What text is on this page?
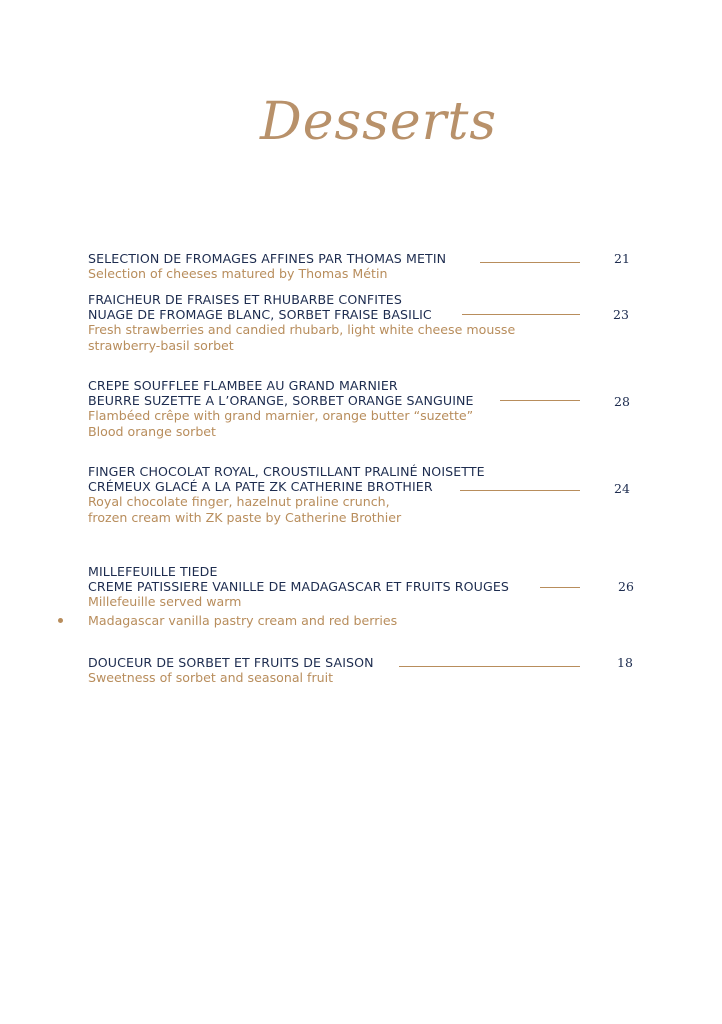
Desserts
SELECTION DE FROMAGES AFFINES PAR THOMAS METIN
Selection of cheeses matured by Thomas Métin
21
FRAICHEUR DE FRAISES ET RHUBARBE CONFITES
NUAGE DE FROMAGE BLANC, SORBET FRAISE BASILIC
Fresh strawberries and candied rhubarb, light white cheese mousse
strawberry-basil sorbet
23
CREPE SOUFFLEE FLAMBEE AU GRAND MARNIER
BEURRE SUZETTE A L’ORANGE, SORBET ORANGE SANGUINE
Flambéed crêpe with grand marnier, orange butter “suzette”
Blood orange sorbet
28
FINGER CHOCOLAT ROYAL, CROUSTILLANT PRALINÉ NOISETTE
CRÉMEUX GLACÉ A LA PATE ZK CATHERINE BROTHIER
Royal chocolate finger, hazelnut praline crunch,
frozen cream with ZK paste by Catherine Brothier
24
MILLEFEUILLE TIEDE
CREME PATISSIERE VANILLE DE MADAGASCAR ET FRUITS ROUGES
Millefeuille served warm
Madagascar vanilla pastry cream and red berries
26
DOUCEUR DE SORBET ET FRUITS DE SAISON
Sweetness of sorbet and seasonal fruit
18
